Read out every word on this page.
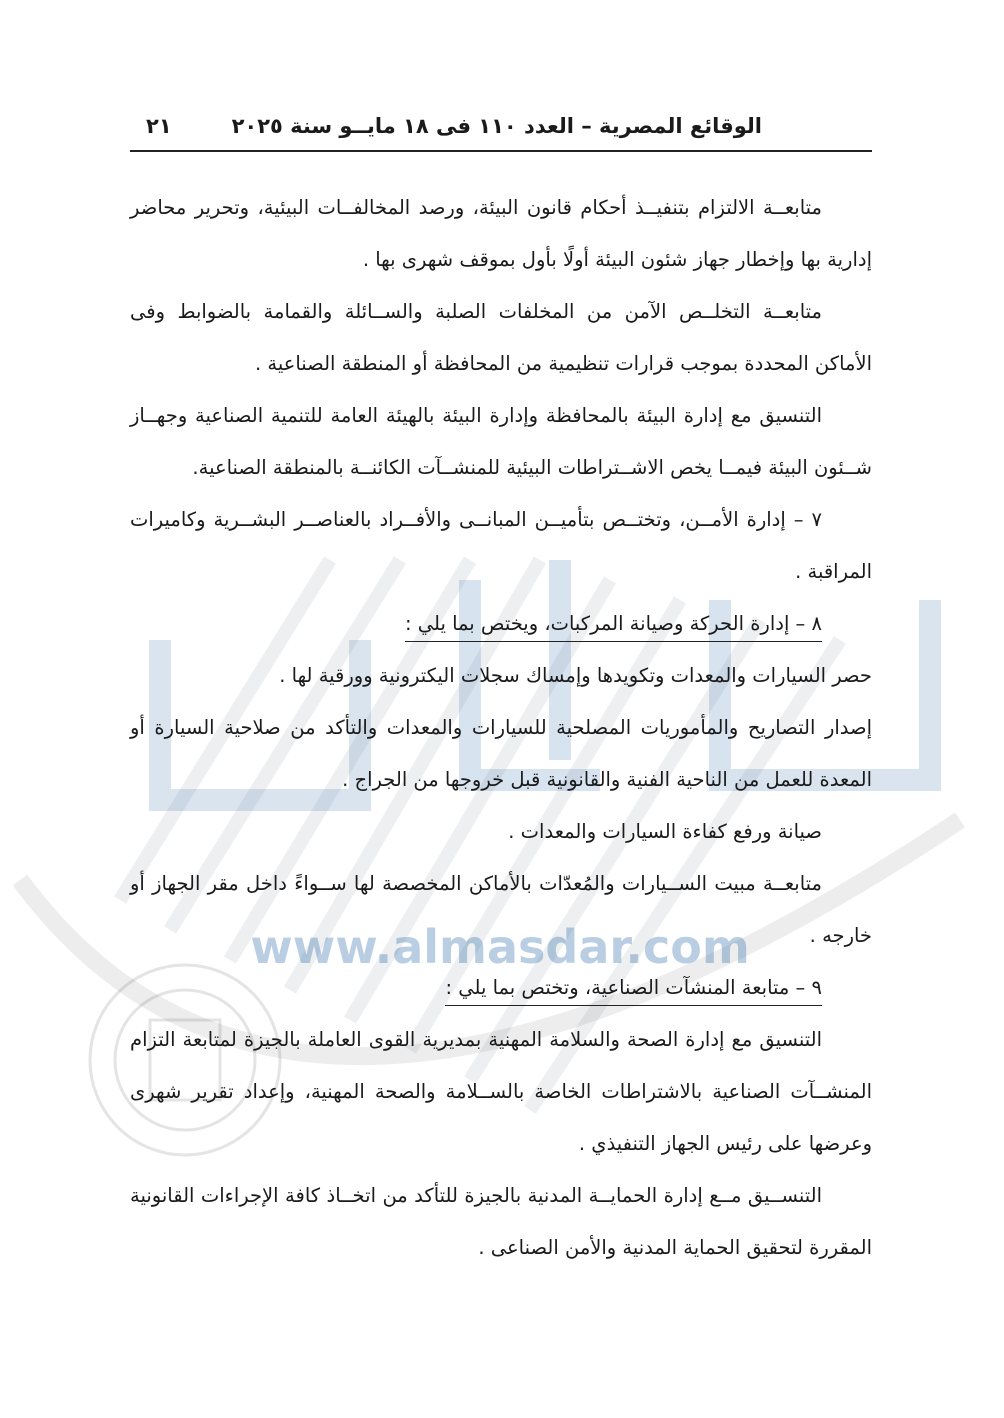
www.almasdar.com
الوقائع المصرية – العدد ١١٠ فى ١٨ مايــو سنة ٢٠٢٥
٢١

متابعــة الالتزام بتنفيــذ أحكام قانون البيئة، ورصد المخالفــات البيئية، وتحرير محاضر إدارية بها وإخطار جهاز شئون البيئة أولًا بأول بموقف شهرى بها .

متابعــة التخلــص الآمن من المخلفات الصلبة والســائلة والقمامة بالضوابط وفى الأماكن المحددة بموجب قرارات تنظيمية من المحافظة أو المنطقة الصناعية .

التنسيق مع إدارة البيئة بالمحافظة وإدارة البيئة بالهيئة العامة للتنمية الصناعية وجهــاز شــئون البيئة فيمــا يخص الاشــتراطات البيئية للمنشــآت الكائنــة بالمنطقة الصناعية.

٧ – إدارة الأمــن، وتختــص بتأميــن المبانــى والأفــراد بالعناصــر البشــرية وكاميرات المراقبة .

٨ – إدارة الحركة وصيانة المركبات، ويختص بما يلي :

حصر السيارات والمعدات وتكويدها وإمساك سجلات اليكترونية وورقية لها .

إصدار التصاريح والمأموريات المصلحية للسيارات والمعدات والتأكد من صلاحية السيارة أو المعدة للعمل من الناحية الفنية والقانونية قبل خروجها من الجراج .

صيانة ورفع كفاءة السيارات والمعدات .

متابعــة مبيت الســيارات والمُعدّات بالأماكن المخصصة لها ســواءً داخل مقر الجهاز أو خارجه .

٩ – متابعة المنشآت الصناعية، وتختص بما يلي :

التنسيق مع إدارة الصحة والسلامة المهنية بمديرية القوى العاملة بالجيزة لمتابعة التزام المنشــآت الصناعية بالاشتراطات الخاصة بالســلامة والصحة المهنية، وإعداد تقرير شهرى وعرضها على رئيس الجهاز التنفيذي .

التنســيق مــع إدارة الحمايــة المدنية بالجيزة للتأكد من اتخــاذ كافة الإجراءات القانونية المقررة لتحقيق الحماية المدنية والأمن الصناعى .
